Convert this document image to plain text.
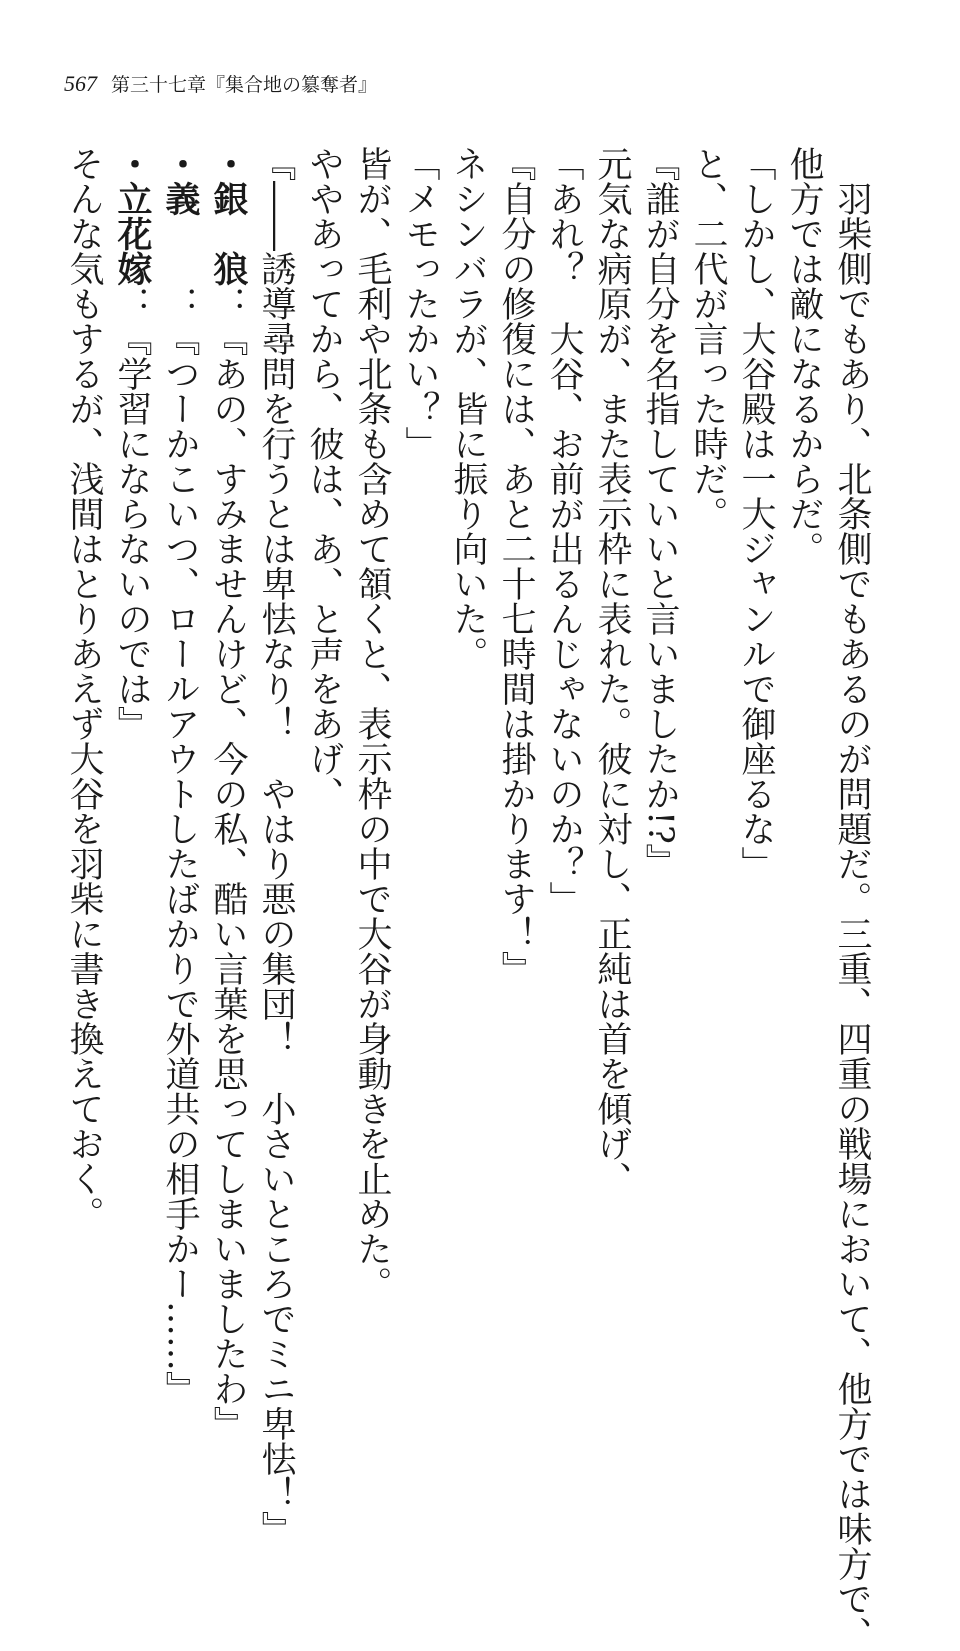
567 第三十七章『集合地の簒奪者』
羽柴側でもあり、北条側でもあるのが問題だ。三重、四重の戦場において、他方では味方で、
他方では敵になるからだ。
「しかし、大谷殿は一大ジャンルで御座るな」
と、二代が言った時だ。
『誰が自分を名指していいと言いましたか!?』
元気な病原が、また表示枠に表れた。彼に対し、正純は首を傾げ、
「あれ？　大谷、お前が出るんじゃないのか？」
『自分の修復には、あと二十七時間は掛かります！』
ネシンバラが、皆に振り向いた。
「メモったかい？」
皆が、毛利や北条も含めて頷くと、表示枠の中で大谷が身動きを止めた。
ややあってから、彼は、あ、と声をあげ、
『――誘導尋問を行うとは卑怯なり！　やはり悪の集団！　小さいところでミニ卑怯！』
・銀　狼：『あの、すみませんけど、今の私、酷い言葉を思ってしまいましたわ』
・義　　：『つーかこいつ、ロールアウトしたばかりで外道共の相手かー……』
・立花嫁：『学習にならないのでは』
そんな気もするが、浅間はとりあえず大谷を羽柴に書き換えておく。
